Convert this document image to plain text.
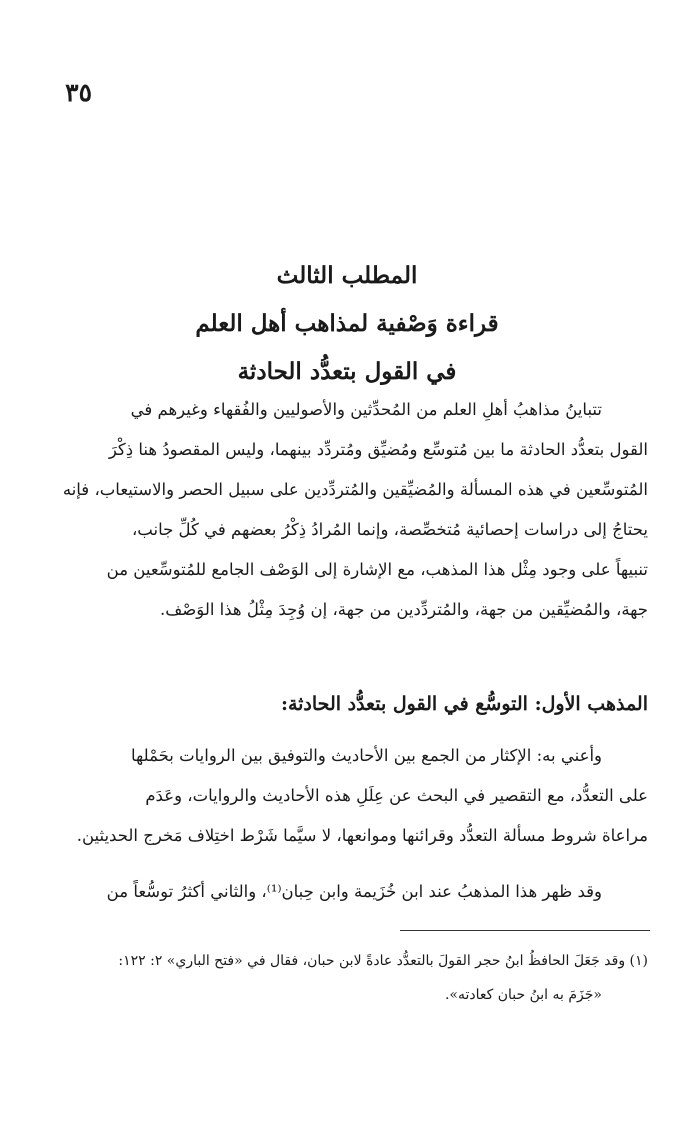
٣٥
المطلب الثالث
قراءة وَصْفية لمذاهب أهل العلم
في القول بتعدُّد الحادثة
تتباينُ مذاهبُ أهلِ العلم من المُحدِّثين والأصوليين والفُقهاء وغيرهم في
القول بتعدُّد الحادثة ما بين مُتوسِّع ومُضيِّق ومُتردِّد بينهما، وليس المقصودُ هنا ذِكْرَ
المُتوسِّعين في هذه المسألة والمُضيِّقين والمُتردِّدين على سبيل الحصر والاستيعاب، فإنه
يحتاجُ إلى دراسات إحصائية مُتخصِّصة، وإنما المُرادُ ذِكْرُ بعضهم في كُلِّ جانب،
تنبيهاً على وجود مِثْل هذا المذهب، مع الإشارة إلى الوَصْف الجامع للمُتوسِّعين من
جهة، والمُضيِّقين من جهة، والمُتردِّدين من جهة، إن وُجِدَ مِثْلُ هذا الوَصْف.
المذهب الأول: التوسُّع في القول بتعدُّد الحادثة:
وأعني به: الإكثار من الجمع بين الأحاديث والتوفيق بين الروايات بحَمْلها
على التعدُّد، مع التقصير في البحث عن عِلَلِ هذه الأحاديث والروايات، وعَدَم
مراعاة شروط مسألة التعدُّد وقرائنها وموانعها، لا سيَّما شَرْط اختِلاف مَخرج الحديثين.
وقد ظهر هذا المذهبُ عند ابن خُزَيمة وابن حِبان⁽¹⁾، والثاني أكثرُ توسُّعاً من
(١) وقد جَعَلَ الحافظُ ابنُ حجر القولَ بالتعدُّد عادةً لابن حبان، فقال في «فتح الباري» ٢: ١٢٢:
«جَزَمَ به ابنُ حبان كعادته».
